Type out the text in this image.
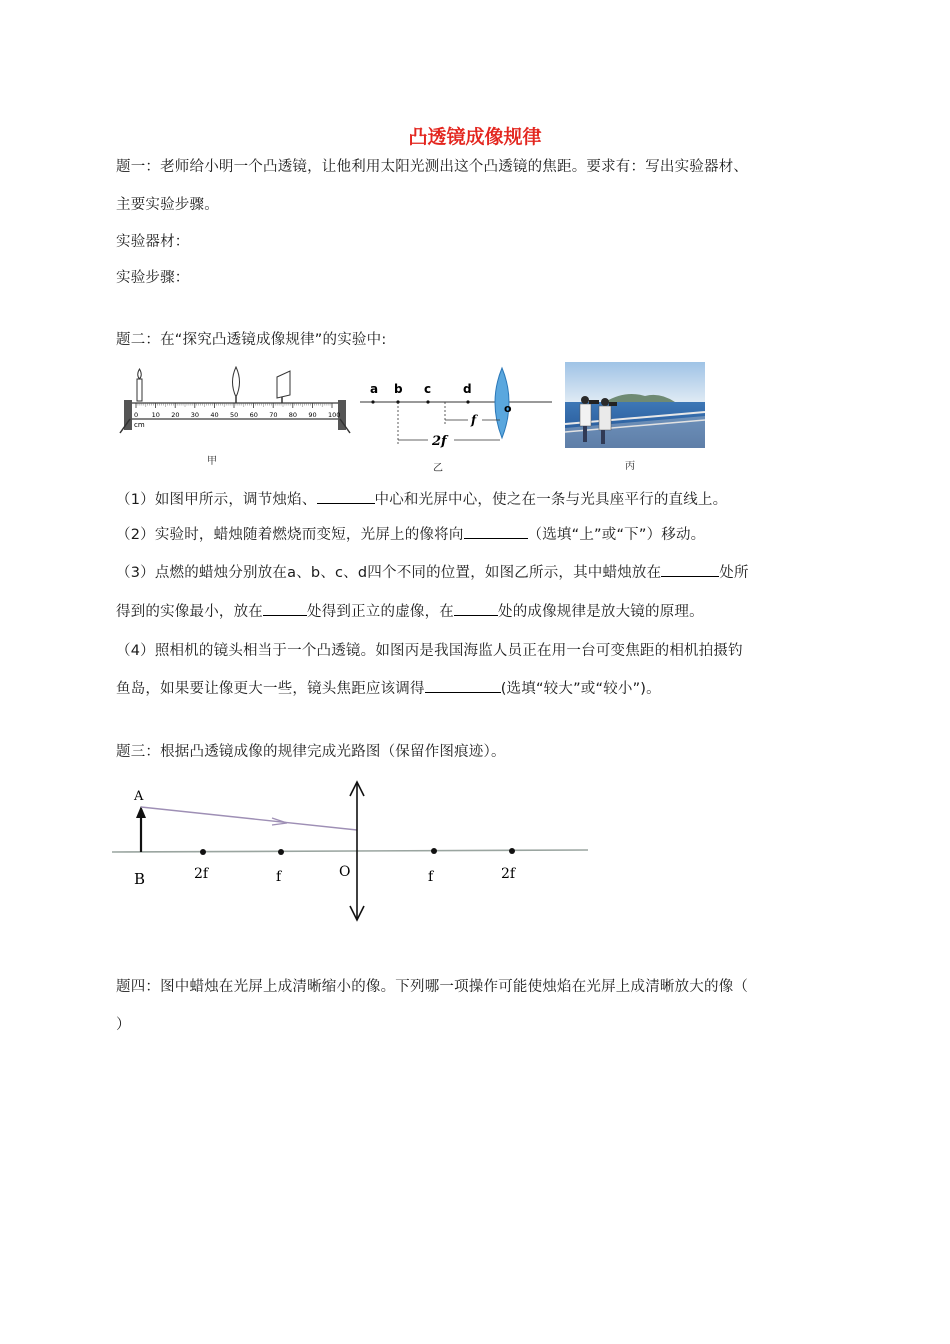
凸透镜成像规律
题一：老师给小明一个凸透镜，让他利用太阳光测出这个凸透镜的焦距。要求有：写出实验器材、
主要实验步骤。
实验器材：
实验步骤：
题二：在“探究凸透镜成像规律”的实验中:
0 10 20 30 40 50 60 70 80 90 100
cm
甲
a b c	d
o
f
2f
乙	丙
（1）如图甲所示，调节烛焰、	中心和光屏中心，使之在一条与光具座平行的直线上。
（2）实验时，蜡烛随着燃烧而变短，光屏上的像将向	（选填“上”或“下”）移动。
（3）点燃的蜡烛分别放在a、b、c、d四个不同的位置，如图乙所示，其中蜡烛放在	处所
得到的实像最小，放在	处得到正立的虚像，在	处的成像规律是放大镜的原理。
（4）照相机的镜头相当于一个凸透镜。如图丙是我国海监人员正在用一台可变焦距的相机拍摄钓
鱼岛，如果要让像更大一些，镜头焦距应该调得	(选填“较大”或“较小”)。
题三：根据凸透镜成像的规律完成光路图（保留作图痕迹）。
A
B	O
2f	f	f	2f
题四：图中蜡烛在光屏上成清晰缩小的像。下列哪一项操作可能使烛焰在光屏上成清晰放大的像（
）
